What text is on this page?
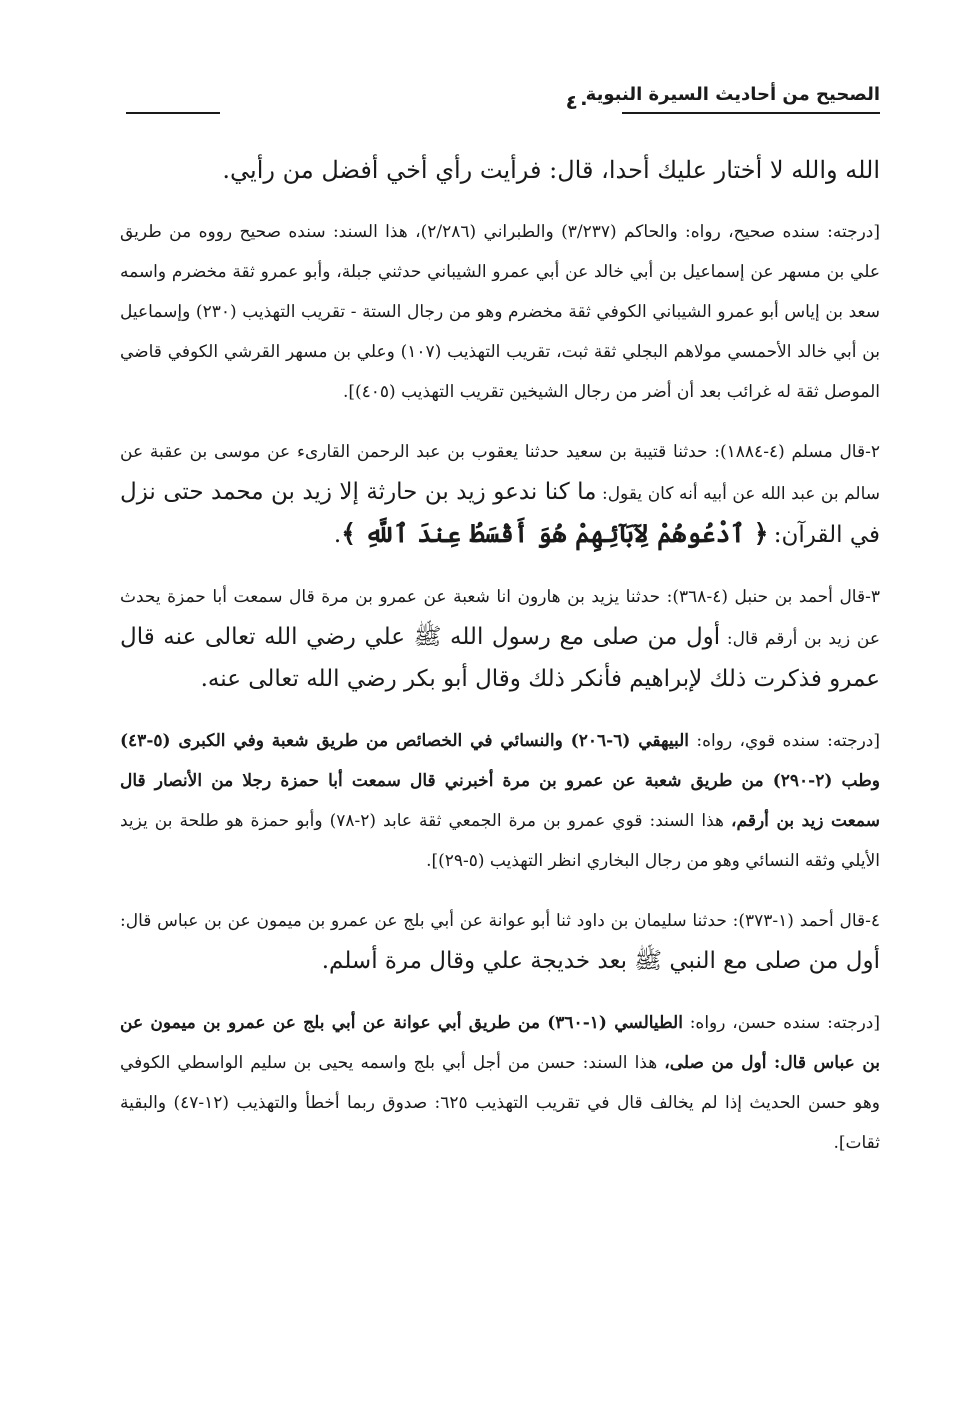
الصحيح من أحاديث السيرة النبوية
٤٠

الله والله لا أختار عليك أحدا، قال: فرأيت رأي أخي أفضل من رأيي.

[درجته: سنده صحيح، رواه: والحاكم (٣/٢٣٧) والطبراني (٢/٢٨٦)، هذا السند: سنده صحيح رووه من طريق علي بن مسهر عن إسماعيل بن أبي خالد عن أبي عمرو الشيباني حدثني جبلة، وأبو عمرو ثقة مخضرم واسمه سعد بن إياس أبو عمرو الشيباني الكوفي ثقة مخضرم وهو من رجال الستة - تقريب التهذيب (٢٣٠) وإسماعيل بن أبي خالد الأحمسي مولاهم البجلي ثقة ثبت، تقريب التهذيب (١٠٧) وعلي بن مسهر القرشي الكوفي قاضي الموصل ثقة له غرائب بعد أن أضر من رجال الشيخين تقريب التهذيب (٤٠٥)].

٢-قال مسلم (٤-١٨٨٤): حدثنا قتيبة بن سعيد حدثنا يعقوب بن عبد الرحمن القارىء عن موسى بن عقبة عن سالم بن عبد الله عن أبيه أنه كان يقول: ما كنا ندعو زيد بن حارثة إلا زيد بن محمد حتى نزل في القرآن: ﴿ ٱدْعُوهُمْ لِآبَآئِهِمْ هُوَ أَقْسَطُ عِندَ ٱللَّهِ ﴾.

٣-قال أحمد بن حنبل (٤-٣٦٨): حدثنا يزيد بن هارون انا شعبة عن عمرو بن مرة قال سمعت أبا حمزة يحدث عن زيد بن أرقم قال: أول من صلى مع رسول الله ﷺ علي رضي الله تعالى عنه قال عمرو فذكرت ذلك لإبراهيم فأنكر ذلك وقال أبو بكر رضي الله تعالى عنه.

[درجته: سنده قوي، رواه: البيهقي (٦-٢٠٦) والنسائي في الخصائص من طريق شعبة وفي الكبرى (٥-٤٣) وطب (٢-٢٩٠) من طريق شعبة عن عمرو بن مرة أخبرني قال سمعت أبا حمزة رجلا من الأنصار قال سمعت زيد بن أرقم، هذا السند: قوي عمرو بن مرة الجمعي ثقة عابد (٢-٧٨) وأبو حمزة هو طلحة بن يزيد الأيلي وثقه النسائي وهو من رجال البخاري انظر التهذيب (٥-٢٩)].

٤-قال أحمد (١-٣٧٣): حدثنا سليمان بن داود ثنا أبو عوانة عن أبي بلج عن عمرو بن ميمون عن بن عباس قال: أول من صلى مع النبي ﷺ بعد خديجة علي وقال مرة أسلم.

[درجته: سنده حسن، رواه: الطيالسي (١-٣٦٠) من طريق أبي عوانة عن أبي بلج عن عمرو بن ميمون عن بن عباس قال: أول من صلى، هذا السند: حسن من أجل أبي بلج واسمه يحيى بن سليم الواسطي الكوفي وهو حسن الحديث إذا لم يخالف قال في تقريب التهذيب ٦٢٥: صدوق ربما أخطأ والتهذيب (١٢-٤٧) والبقية ثقات].
